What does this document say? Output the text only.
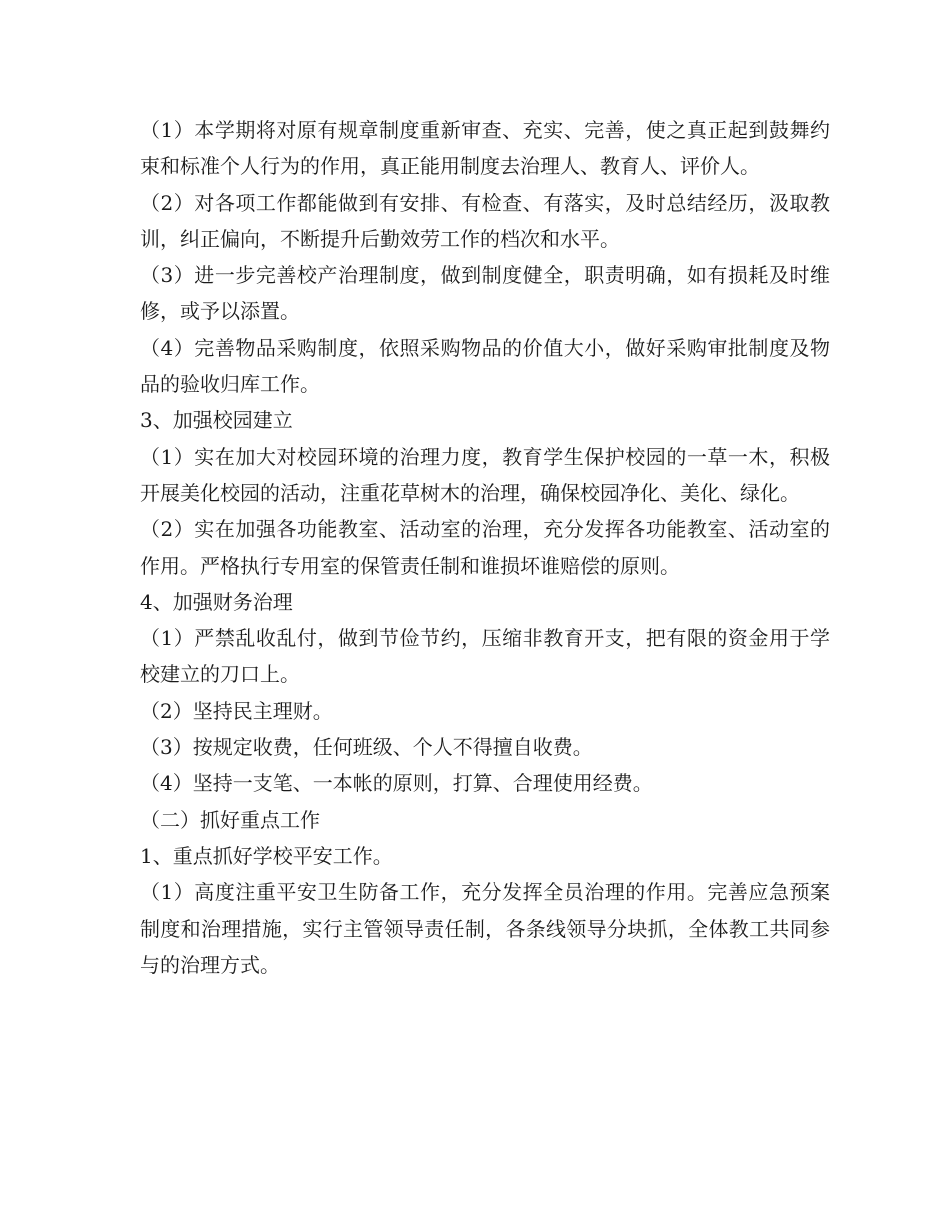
（1）本学期将对原有规章制度重新审查、充实、完善，使之真正起到鼓舞约束和标准个人行为的作用，真正能用制度去治理人、教育人、评价人。

（2）对各项工作都能做到有安排、有检查、有落实，及时总结经历，汲取教训，纠正偏向，不断提升后勤效劳工作的档次和水平。

（3）进一步完善校产治理制度，做到制度健全，职责明确，如有损耗及时维修，或予以添置。

（4）完善物品采购制度，依照采购物品的价值大小，做好采购审批制度及物品的验收归库工作。

3、加强校园建立

（1）实在加大对校园环境的治理力度，教育学生保护校园的一草一木，积极开展美化校园的活动，注重花草树木的治理，确保校园净化、美化、绿化。

（2）实在加强各功能教室、活动室的治理，充分发挥各功能教室、活动室的作用。严格执行专用室的保管责任制和谁损坏谁赔偿的原则。

4、加强财务治理

（1）严禁乱收乱付，做到节俭节约，压缩非教育开支，把有限的资金用于学校建立的刀口上。

（2）坚持民主理财。

（3）按规定收费，任何班级、个人不得擅自收费。

（4）坚持一支笔、一本帐的原则，打算、合理使用经费。

（二）抓好重点工作

1、重点抓好学校平安工作。

（1）高度注重平安卫生防备工作，充分发挥全员治理的作用。完善应急预案制度和治理措施，实行主管领导责任制，各条线领导分块抓，全体教工共同参与的治理方式。
